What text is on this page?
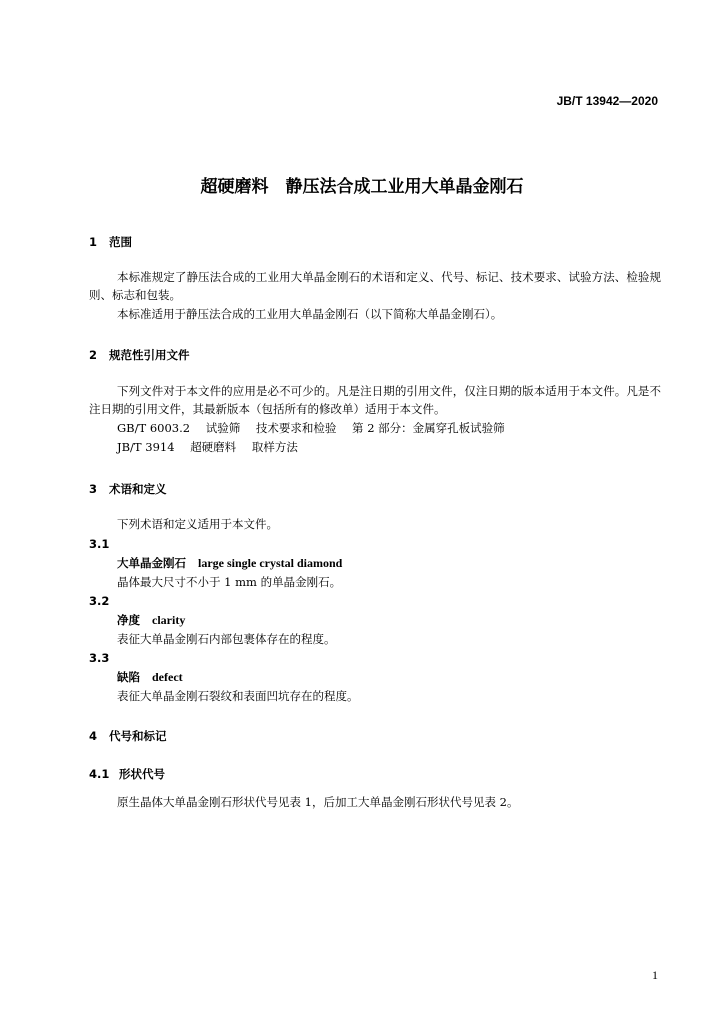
JB/T 13942—2020
超硬磨料　静压法合成工业用大单晶金刚石
1 范围
本标准规定了静压法合成的工业用大单晶金刚石的术语和定义、代号、标记、技术要求、试验方法、检验规则、标志和包装。
本标准适用于静压法合成的工业用大单晶金刚石（以下简称大单晶金刚石）。
2 规范性引用文件
下列文件对于本文件的应用是必不可少的。凡是注日期的引用文件，仅注日期的版本适用于本文件。凡是不注日期的引用文件，其最新版本（包括所有的修改单）适用于本文件。
GB/T 6003.2 试验筛 技术要求和检验 第 2 部分：金属穿孔板试验筛
JB/T 3914 超硬磨料 取样方法
3 术语和定义
下列术语和定义适用于本文件。
3.1
大单晶金刚石 large single crystal diamond
晶体最大尺寸不小于 1 mm 的单晶金刚石。
3.2
净度 clarity
表征大单晶金刚石内部包裹体存在的程度。
3.3
缺陷 defect
表征大单晶金刚石裂纹和表面凹坑存在的程度。
4 代号和标记
4.1 形状代号
原生晶体大单晶金刚石形状代号见表 1，后加工大单晶金刚石形状代号见表 2。
1
